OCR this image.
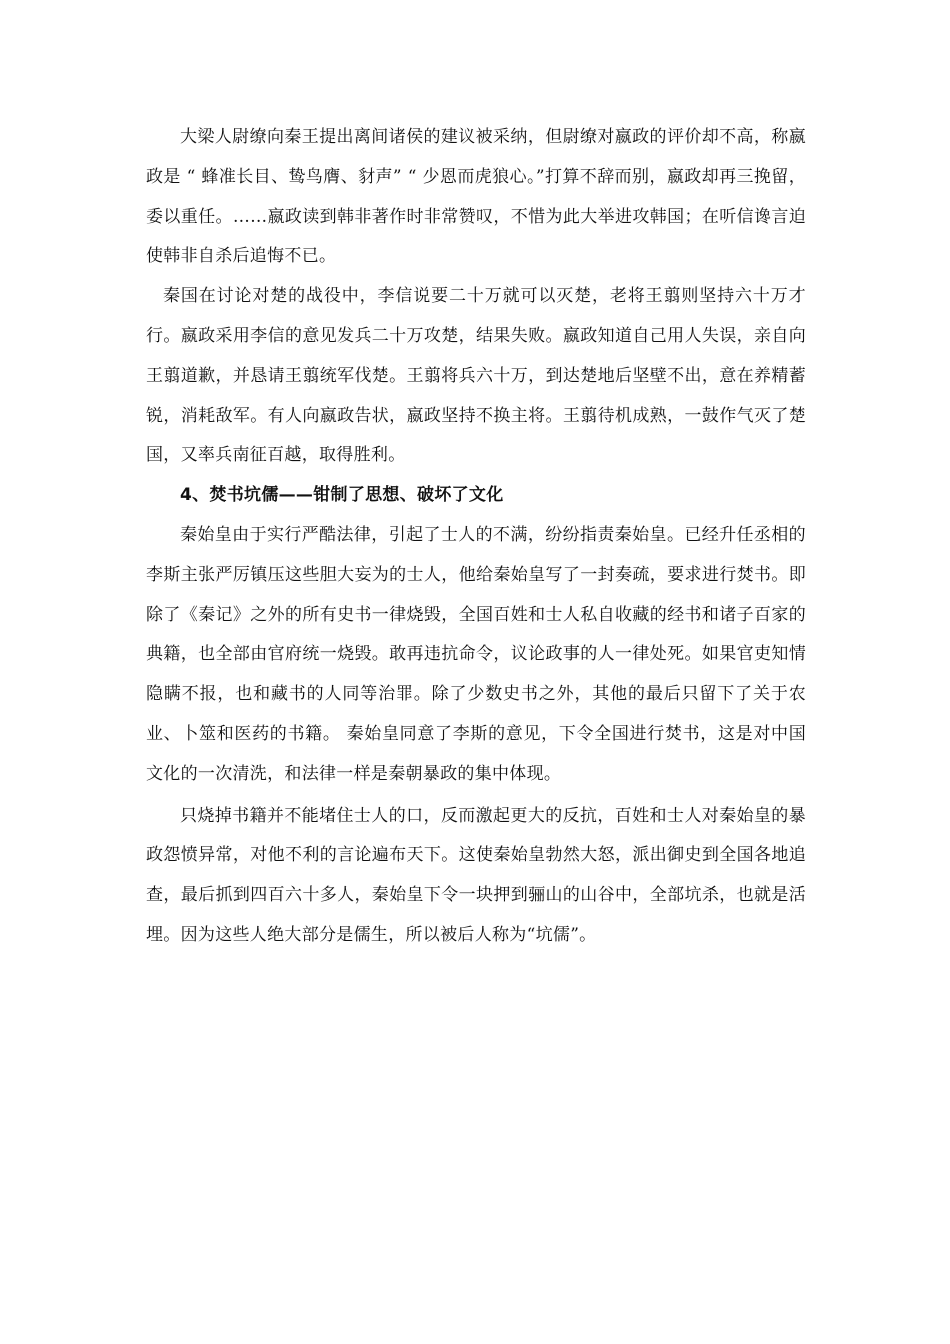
大梁人尉缭向秦王提出离间诸侯的建议被采纳，但尉缭对嬴政的评价却不高，称嬴政是 “ 蜂准长目、鸷鸟膺、豺声” “ 少恩而虎狼心。”打算不辞而别，嬴政却再三挽留，委以重任。……嬴政读到韩非著作时非常赞叹，不惜为此大举进攻韩国；在听信谗言迫使韩非自杀后追悔不已。

秦国在讨论对楚的战役中，李信说要二十万就可以灭楚，老将王翦则坚持六十万才行。嬴政采用李信的意见发兵二十万攻楚，结果失败。嬴政知道自己用人失误，亲自向王翦道歉，并恳请王翦统军伐楚。王翦将兵六十万，到达楚地后坚壁不出，意在养精蓄锐，消耗敌军。有人向嬴政告状，嬴政坚持不换主将。王翦待机成熟，一鼓作气灭了楚国，又率兵南征百越，取得胜利。

4、焚书坑儒——钳制了思想、破坏了文化

秦始皇由于实行严酷法律，引起了士人的不满，纷纷指责秦始皇。已经升任丞相的李斯主张严厉镇压这些胆大妄为的士人，他给秦始皇写了一封奏疏，要求进行焚书。即除了《秦记》之外的所有史书一律烧毁，全国百姓和士人私自收藏的经书和诸子百家的典籍，也全部由官府统一烧毁。敢再违抗命令，议论政事的人一律处死。如果官吏知情隐瞒不报，也和藏书的人同等治罪。除了少数史书之外，其他的最后只留下了关于农业、卜筮和医药的书籍。 秦始皇同意了李斯的意见，下令全国进行焚书，这是对中国文化的一次清洗，和法律一样是秦朝暴政的集中体现。

只烧掉书籍并不能堵住士人的口，反而激起更大的反抗，百姓和士人对秦始皇的暴政怨愤异常，对他不利的言论遍布天下。这使秦始皇勃然大怒，派出御史到全国各地追查，最后抓到四百六十多人，秦始皇下令一块押到骊山的山谷中，全部坑杀，也就是活埋。因为这些人绝大部分是儒生，所以被后人称为“坑儒”。
